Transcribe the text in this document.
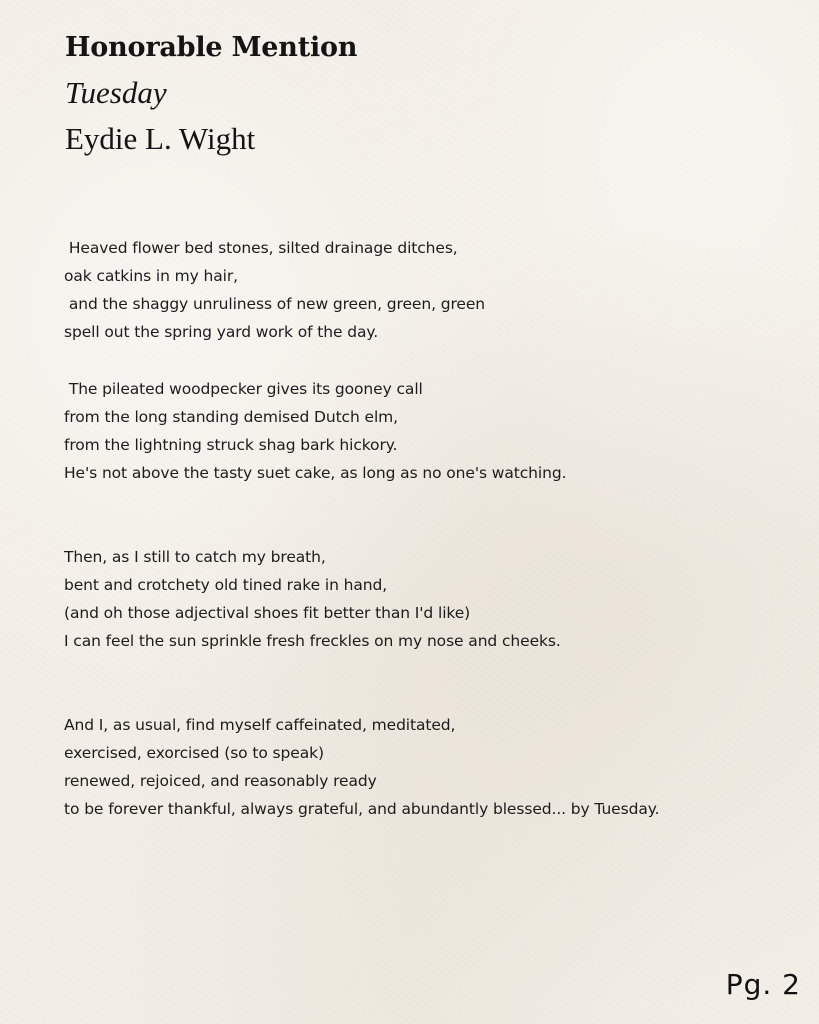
Honorable Mention
Tuesday
Eydie L. Wight
Heaved flower bed stones, silted drainage ditches,
oak catkins in my hair,
and the shaggy unruliness of new green, green, green
spell out the spring yard work of the day.
The pileated woodpecker gives its gooney call
from the long standing demised Dutch elm,
from the lightning struck shag bark hickory.
He's not above the tasty suet cake, as long as no one's watching.
Then, as I still to catch my breath,
bent and crotchety old tined rake in hand,
(and oh those adjectival shoes fit better than I'd like)
I can feel the sun sprinkle fresh freckles on my nose and cheeks.
And I, as usual, find myself caffeinated, meditated,
exercised, exorcised (so to speak)
renewed, rejoiced, and reasonably ready
to be forever thankful, always grateful, and abundantly blessed... by Tuesday.
Pg. 2
